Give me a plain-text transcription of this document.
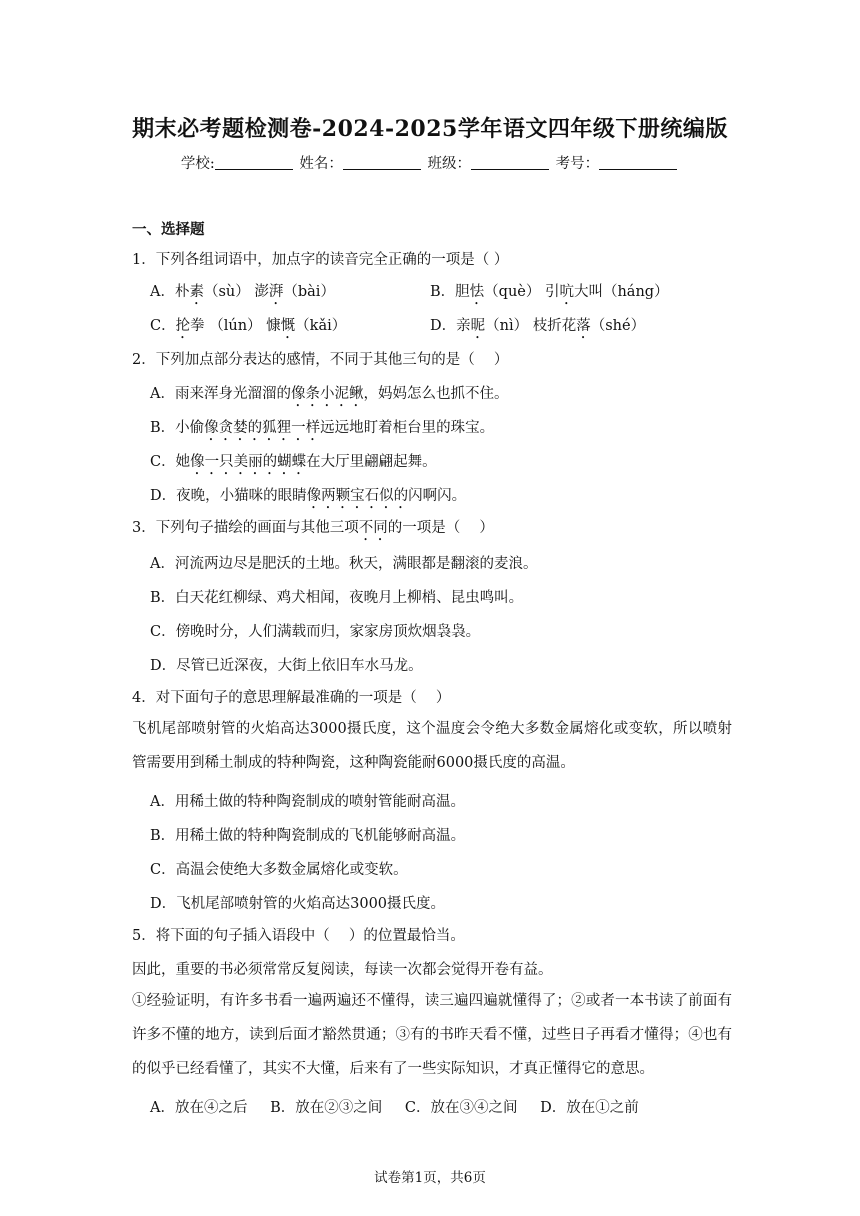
期末必考题检测卷-2024-2025学年语文四年级下册统编版
学校:	姓名：	班级：	考号：
一、选择题
1．下列各组词语中，加点字的读音完全正确的一项是（ ）
A．朴素（sù） 澎湃（bài）	B．胆怯（què） 引吭大叫（háng）
C．抡拳 （lún） 慷慨（kǎi）	D．亲昵（nì） 枝折花落（shé）
2．下列加点部分表达的感情，不同于其他三句的是（　 ）
A．雨来浑身光溜溜的像条小泥鳅，妈妈怎么也抓不住。
B．小偷像贪婪的狐狸一样远远地盯着柜台里的珠宝。
C．她像一只美丽的蝴蝶在大厅里翩翩起舞。
D．夜晚，小猫咪的眼睛像两颗宝石似的闪啊闪。
3．下列句子描绘的画面与其他三项不同的一项是（　 ）
A．河流两边尽是肥沃的土地。秋天，满眼都是翻滚的麦浪。
B．白天花红柳绿、鸡犬相闻，夜晚月上柳梢、昆虫鸣叫。
C．傍晚时分，人们满载而归，家家房顶炊烟袅袅。
D．尽管已近深夜，大街上依旧车水马龙。
4．对下面句子的意思理解最准确的一项是（　 ）
飞机尾部喷射管的火焰高达3000摄氏度，这个温度会令绝大多数金属熔化或变软，所以喷射管需要用到稀土制成的特种陶瓷，这种陶瓷能耐6000摄氏度的高温。
A．用稀土做的特种陶瓷制成的喷射管能耐高温。
B．用稀土做的特种陶瓷制成的飞机能够耐高温。
C．高温会使绝大多数金属熔化或变软。
D．飞机尾部喷射管的火焰高达3000摄氏度。
5．将下面的句子插入语段中（　 ）的位置最恰当。
因此，重要的书必须常常反复阅读，每读一次都会觉得开卷有益。
①经验证明，有许多书看一遍两遍还不懂得，读三遍四遍就懂得了；②或者一本书读了前面有许多不懂的地方，读到后面才豁然贯通；③有的书昨天看不懂，过些日子再看才懂得；④也有的似乎已经看懂了，其实不大懂，后来有了一些实际知识，才真正懂得它的意思。
A．放在④之后 B．放在②③之间 C．放在③④之间 D．放在①之前
试卷第1页，共6页
